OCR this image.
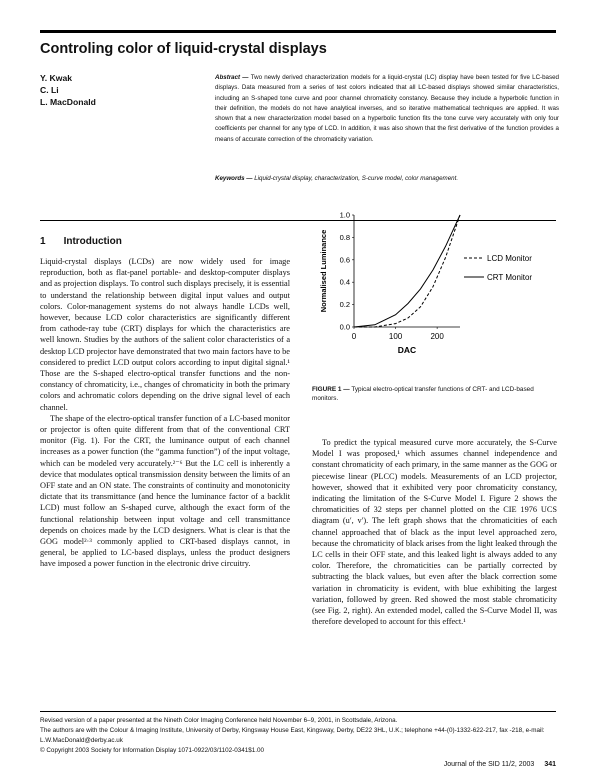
Controling color of liquid-crystal displays
Y. Kwak
C. Li
L. MacDonald
Abstract — Two newly derived characterization models for a liquid-crystal (LC) display have been tested for five LC-based displays. Data measured from a series of test colors indicated that all LC-based displays showed similar characteristics, including an S-shaped tone curve and poor channel chromaticity constancy. Because they include a hyperbolic function in their definition, the models do not have analytical inverses, and so iterative mathematical techniques are applied. It was shown that a new characterization model based on a hyperbolic function fits the tone curve very accurately with only four coefficients per channel for any type of LCD. In addition, it was also shown that the first derivative of the function provides a means of accurate correction of the chromaticity variation.
Keywords — Liquid-crystal display, characterization, S-curve model, color management.
1 Introduction

Liquid-crystal displays (LCDs) are now widely used for image reproduction, both as flat-panel portable- and desktop-computer displays and as projection displays. To control such displays precisely, it is essential to understand the relationship between digital input values and output colors. Color-management systems do not always handle LCDs well, however, because LCD color characteristics are significantly different from cathode-ray tube (CRT) displays for which the characteristics are well known. Studies by the authors of the salient color characteristics of a desktop LCD projector have demonstrated that two main factors have to be considered to predict LCD output colors according to input digital signal.¹ Those are the S-shaped electro-optical transfer functions and the non-constancy of chromaticity, i.e., changes of chromaticity in both the primary colors and achromatic colors depending on the drive signal level of each channel.

The shape of the electro-optical transfer function of a LC-based monitor or projector is often quite different from that of the conventional CRT monitor (Fig. 1). For the CRT, the luminance output of each channel increases as a power function (the “gamma function”) of the input voltage, which can be modeled very accurately.²⁻⁶ But the LC cell is inherently a device that modulates optical transmission density between the limits of an OFF state and an ON state. The constraints of continuity and monotonicity dictate that its transmittance (and hence the luminance factor of a backlit LCD) must follow an S-shaped curve, although the exact form of the functional relationship between input voltage and cell transmittance depends on choices made by the LCD designers. What is clear is that the GOG model²·³ commonly applied to CRT-based displays cannot, in general, be applied to LC-based displays, unless the product designers have imposed a power function in the electronic drive circuitry.

0.0
0.2
0.4
0.6
0.8
1.0
0	100	200
DAC
Normalised Luminance	LCD Monitor
CRT Monitor
FIGURE 1 — Typical electro-optical transfer functions of CRT- and LCD-based monitors.

To predict the typical measured curve more accurately, the S-Curve Model I was proposed,¹ which assumes channel independence and constant chromaticity of each primary, in the same manner as the GOG or piecewise linear (PLCC) models. Measurements of an LCD projector, however, showed that it exhibited very poor chromaticity constancy, indicating the limitation of the S-Curve Model I. Figure 2 shows the chromaticities of 32 steps per channel plotted on the CIE 1976 UCS diagram (u′, v′). The left graph shows that the chromaticities of each channel approached that of black as the input level approached zero, because the chromaticity of black arises from the light leaked through the LC cells in their OFF state, and this leaked light is always added to any color. Therefore, the chromaticities can be partially corrected by subtracting the black values, but even after the black correction some variation in chromaticity is evident, with blue exhibiting the largest variation, followed by green. Red showed the most stable chromaticity (see Fig. 2, right). An extended model, called the S-Curve Model II, was therefore developed to account for this effect.¹

Revised version of a paper presented at the Nineth Color Imaging Conference held November 6–9, 2001, in Scottsdale, Arizona.

The authors are with the Colour & Imaging Institute, University of Derby, Kingsway House East, Kingsway, Derby, DE22 3HL, U.K.; telephone +44-(0)-1332-622-217, fax -218, e-mail: L.W.MacDonald@derby.ac.uk

© Copyright 2003 Society for Information Display 1071-0922/03/1102-0341$1.00

Journal of the SID 11/2, 2003 341
